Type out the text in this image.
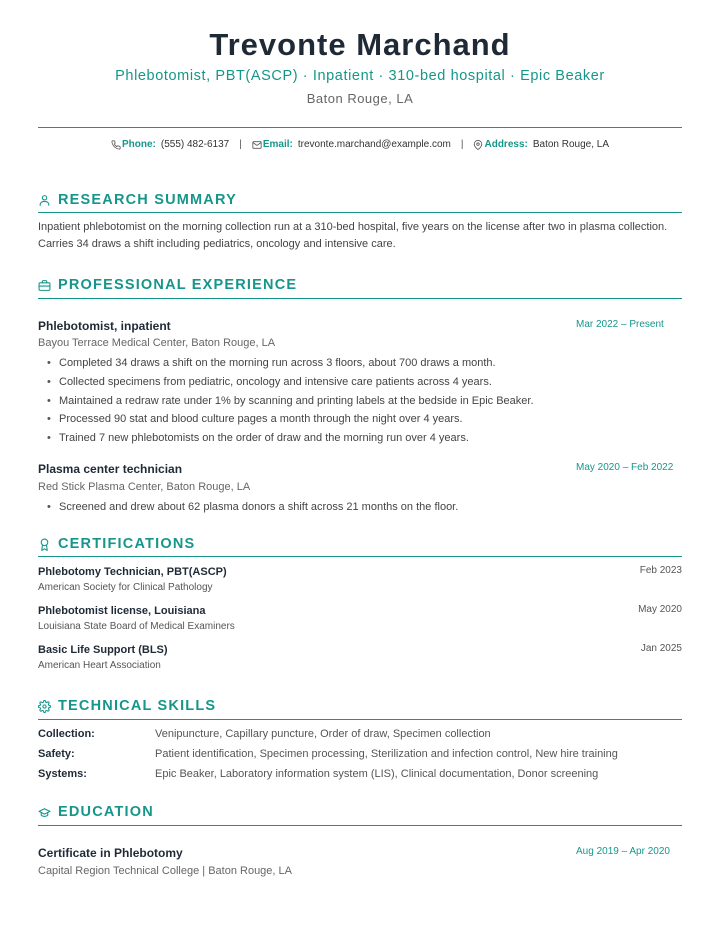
Trevonte Marchand
Phlebotomist, PBT(ASCP) · Inpatient · 310-bed hospital · Epic Beaker
Baton Rouge, LA
Phone: (555) 482-6137 | Email: trevonte.marchand@example.com | Address: Baton Rouge, LA
RESEARCH SUMMARY
Inpatient phlebotomist on the morning collection run at a 310-bed hospital, five years on the license after two in plasma collection. Carries 34 draws a shift including pediatrics, oncology and intensive care.
PROFESSIONAL EXPERIENCE
Phlebotomist, inpatient	Mar 2022 – Present
Bayou Terrace Medical Center, Baton Rouge, LA
• Completed 34 draws a shift on the morning run across 3 floors, about 700 draws a month.
• Collected specimens from pediatric, oncology and intensive care patients across 4 years.
• Maintained a redraw rate under 1% by scanning and printing labels at the bedside in Epic Beaker.
• Processed 90 stat and blood culture pages a month through the night over 4 years.
• Trained 7 new phlebotomists on the order of draw and the morning run over 4 years.
Plasma center technician	May 2020 – Feb 2022
Red Stick Plasma Center, Baton Rouge, LA
• Screened and drew about 62 plasma donors a shift across 21 months on the floor.
CERTIFICATIONS
Phlebotomy Technician, PBT(ASCP)	Feb 2023
American Society for Clinical Pathology
Phlebotomist license, Louisiana	May 2020
Louisiana State Board of Medical Examiners
Basic Life Support (BLS)	Jan 2025
American Heart Association
TECHNICAL SKILLS
Collection:	Venipuncture, Capillary puncture, Order of draw, Specimen collection
Safety:	Patient identification, Specimen processing, Sterilization and infection control, New hire training
Systems:	Epic Beaker, Laboratory information system (LIS), Clinical documentation, Donor screening
EDUCATION
Certificate in Phlebotomy	Aug 2019 – Apr 2020
Capital Region Technical College | Baton Rouge, LA
